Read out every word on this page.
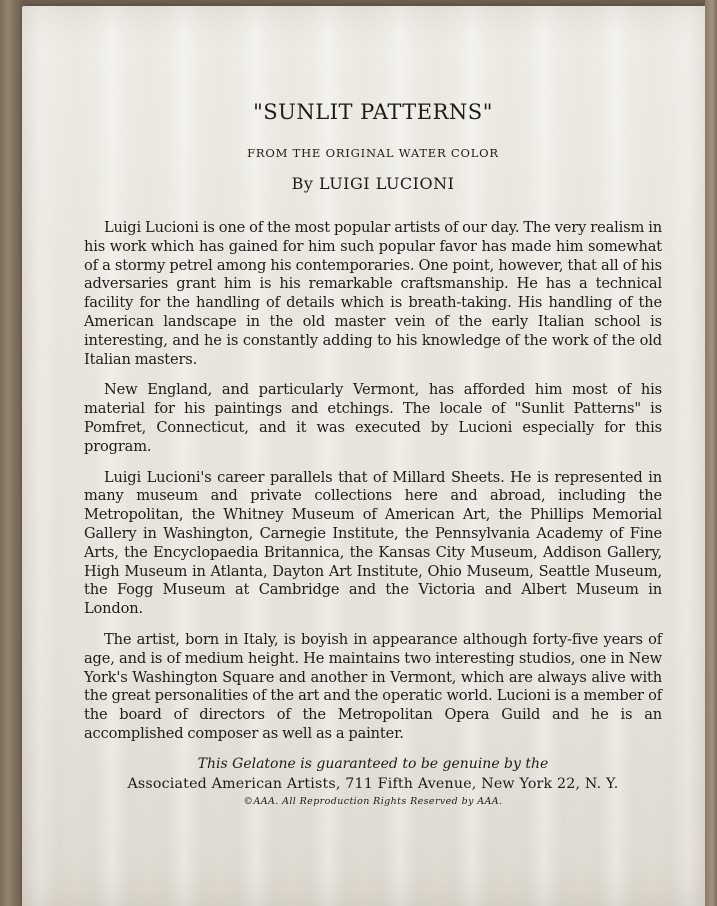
"SUNLIT PATTERNS"
FROM THE ORIGINAL WATER COLOR
By LUIGI LUCIONI

Luigi Lucioni is one of the most popular artists of our day. The very realism in his work which has gained for him such popular favor has made him somewhat of a stormy petrel among his contemporaries. One point, however, that all of his adversaries grant him is his remarkable craftsmanship. He has a technical facility for the handling of details which is breath-taking. His handling of the American landscape in the old master vein of the early Italian school is interesting, and he is constantly adding to his knowledge of the work of the old Italian masters.

New England, and particularly Vermont, has afforded him most of his material for his paintings and etchings. The locale of "Sunlit Patterns" is Pomfret, Connecticut, and it was executed by Lucioni especially for this program.

Luigi Lucioni's career parallels that of Millard Sheets. He is represented in many museum and private collections here and abroad, including the Metropolitan, the Whitney Museum of American Art, the Phillips Memorial Gallery in Washington, Carnegie Institute, the Pennsylvania Academy of Fine Arts, the Encyclopaedia Britannica, the Kansas City Museum, Addison Gallery, High Museum in Atlanta, Dayton Art Institute, Ohio Museum, Seattle Museum, the Fogg Museum at Cambridge and the Victoria and Albert Museum in London.

The artist, born in Italy, is boyish in appearance although forty-five years of age, and is of medium height. He maintains two interesting studios, one in New York's Washington Square and another in Vermont, which are always alive with the great personalities of the art and the operatic world. Lucioni is a member of the board of directors of the Metropolitan Opera Guild and he is an accomplished composer as well as a painter.

This Gelatone is guaranteed to be genuine by the

Associated American Artists, 711 Fifth Avenue, New York 22, N. Y.

©AAA. All Reproduction Rights Reserved by AAA.
